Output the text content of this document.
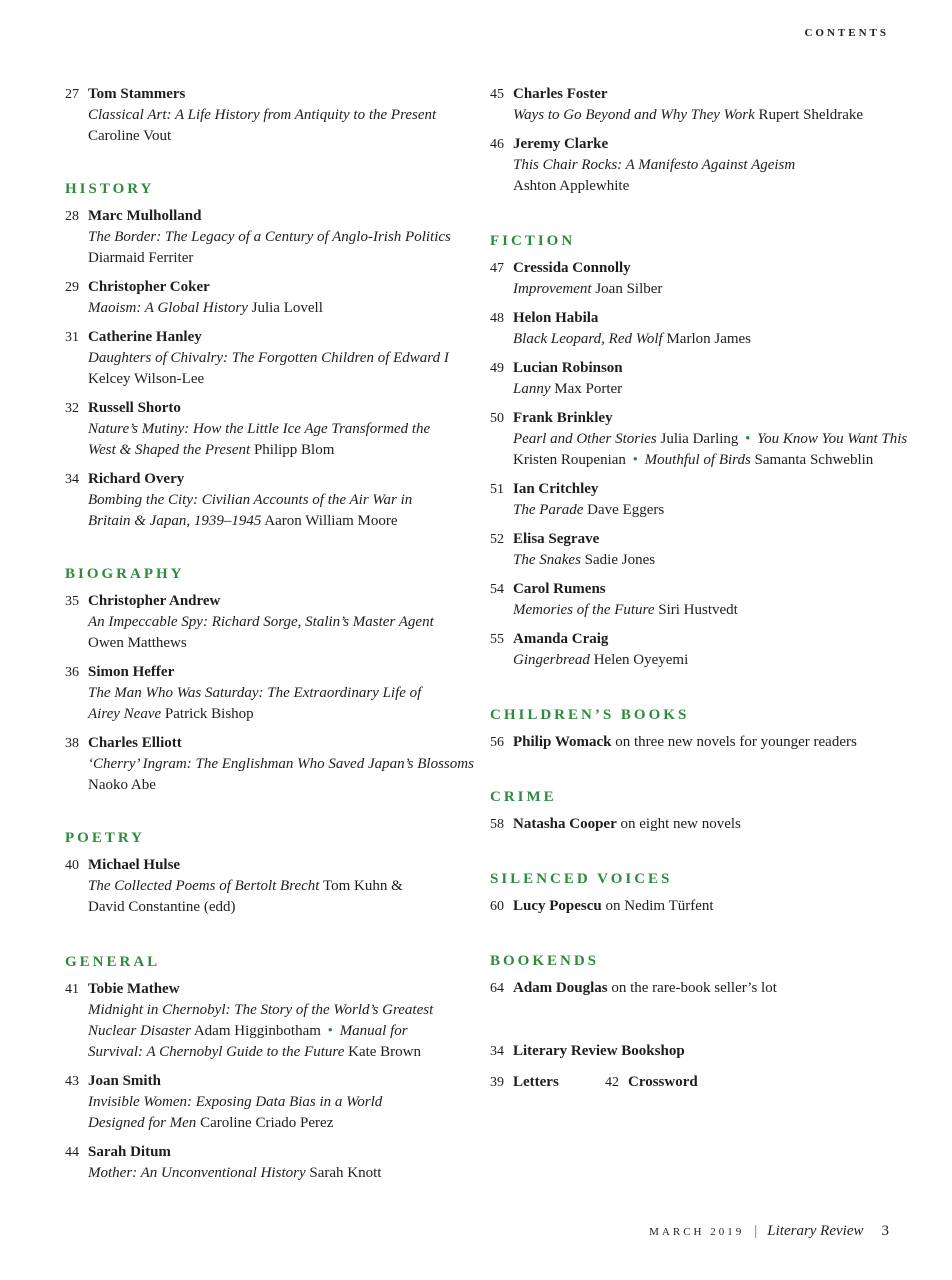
CONTENTS
27 Tom Stammers
Classical Art: A Life History from Antiquity to the Present
Caroline Vout
HISTORY
28 Marc Mulholland
The Border: The Legacy of a Century of Anglo-Irish Politics
Diarmaid Ferriter
29 Christopher Coker
Maoism: A Global History Julia Lovell
31 Catherine Hanley
Daughters of Chivalry: The Forgotten Children of Edward I
Kelcey Wilson-Lee
32 Russell Shorto
Nature’s Mutiny: How the Little Ice Age Transformed the
West & Shaped the Present Philipp Blom
34 Richard Overy
Bombing the City: Civilian Accounts of the Air War in
Britain & Japan, 1939–1945 Aaron William Moore
BIOGRAPHY
35 Christopher Andrew
An Impeccable Spy: Richard Sorge, Stalin’s Master Agent
Owen Matthews
36 Simon Heffer
The Man Who Was Saturday: The Extraordinary Life of
Airey Neave Patrick Bishop
38 Charles Elliott
‘Cherry’ Ingram: The Englishman Who Saved Japan’s Blossoms
Naoko Abe
POETRY
40 Michael Hulse
The Collected Poems of Bertolt Brecht Tom Kuhn &
David Constantine (edd)
GENERAL
41 Tobie Mathew
Midnight in Chernobyl: The Story of the World’s Greatest
Nuclear Disaster Adam Higginbotham • Manual for
Survival: A Chernobyl Guide to the Future Kate Brown
43 Joan Smith
Invisible Women: Exposing Data Bias in a World
Designed for Men Caroline Criado Perez
44 Sarah Ditum
Mother: An Unconventional History Sarah Knott
45 Charles Foster
Ways to Go Beyond and Why They Work Rupert Sheldrake
46 Jeremy Clarke
This Chair Rocks: A Manifesto Against Ageism
Ashton Applewhite
FICTION
47 Cressida Connolly
Improvement Joan Silber
48 Helon Habila
Black Leopard, Red Wolf Marlon James
49 Lucian Robinson
Lanny Max Porter
50 Frank Brinkley
Pearl and Other Stories Julia Darling • You Know You Want This
Kristen Roupenian • Mouthful of Birds Samanta Schweblin
51 Ian Critchley
The Parade Dave Eggers
52 Elisa Segrave
The Snakes Sadie Jones
54 Carol Rumens
Memories of the Future Siri Hustvedt
55 Amanda Craig
Gingerbread Helen Oyeyemi
CHILDREN’S BOOKS
56 Philip Womack on three new novels for younger readers
CRIME
58 Natasha Cooper on eight new novels
SILENCED VOICES
60 Lucy Popescu on Nedim Türfent
BOOKENDS
64 Adam Douglas on the rare-book seller’s lot
34 Literary Review Bookshop
39 Letters	42 Crossword
MARCH 2019 | Literary Review 3
